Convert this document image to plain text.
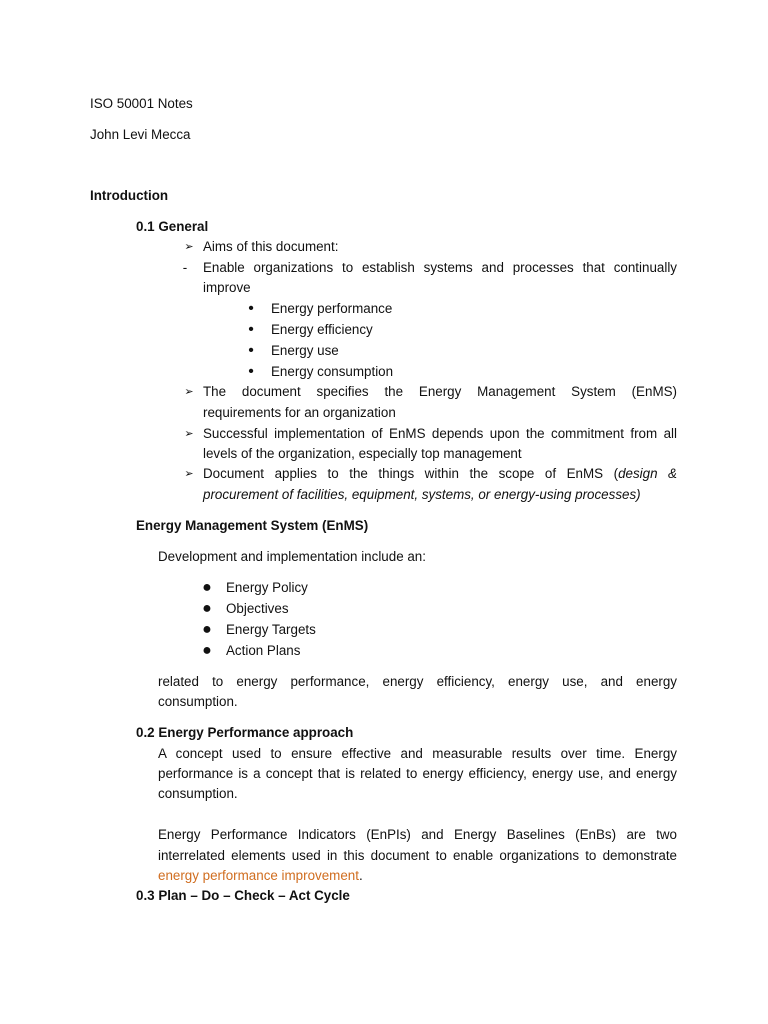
ISO 50001 Notes
John Levi Mecca
Introduction
0.1 General
➢ Aims of this document:
-	Enable organizations to establish systems and processes that continually
improve
•	Energy performance
•	Energy efficiency
•	Energy use
•	Energy consumption
➢ The document specifies the Energy Management System (EnMS)
requirements for an organization
➢ Successful implementation of EnMS depends upon the commitment from all
levels of the organization, especially top management
➢ Document applies to the things within the scope of EnMS (design &
procurement of facilities, equipment, systems, or energy-using processes)
Energy Management System (EnMS)
Development and implementation include an:
●	Energy Policy
●	Objectives
●	Energy Targets
●	Action Plans
related to energy performance, energy efficiency, energy use, and energy
consumption.
0.2 Energy Performance approach
A concept used to ensure effective and measurable results over time. Energy
performance is a concept that is related to energy efficiency, energy use, and energy
consumption.
Energy Performance Indicators (EnPIs) and Energy Baselines (EnBs) are two
interrelated elements used in this document to enable organizations to demonstrate
energy performance improvement.
0.3 Plan – Do – Check – Act Cycle
